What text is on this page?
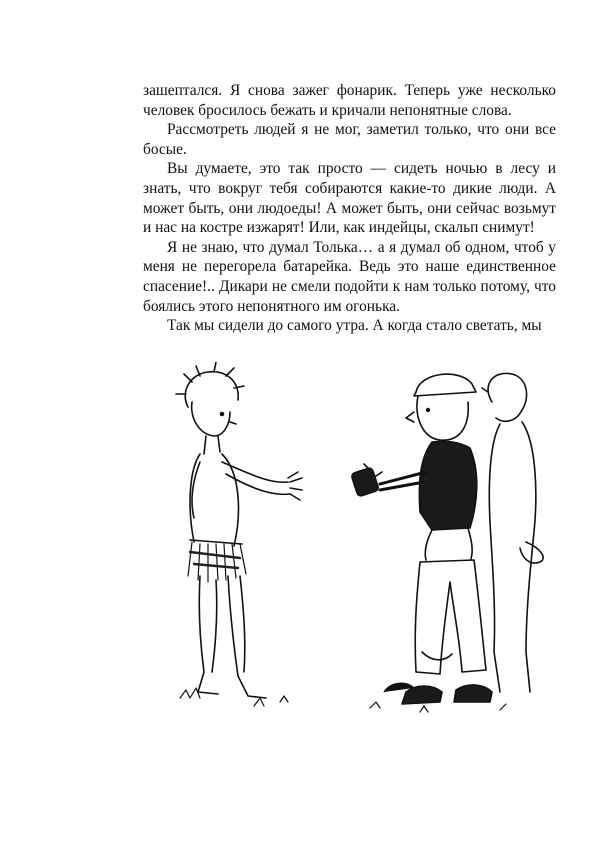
зашептался. Я снова зажег фонарик. Теперь уже несколько человек бросилось бежать и кричали непонятные слова.

Рассмотреть людей я не мог, заметил только, что они все босые.

Вы думаете, это так просто — сидеть ночью в лесу и знать, что вокруг тебя собираются какие-то дикие люди. А может быть, они людоеды! А может быть, они сейчас возьмут и нас на костре изжарят! Или, как индейцы, скальп снимут!

Я не знаю, что думал Толька… а я думал об одном, чтоб у меня не перегорела батарейка. Ведь это наше единственное спасение!.. Дикари не смели подойти к нам только потому, что боялись этого непонятного им огонька.

Так мы сидели до самого утра. А когда стало светать, мы
